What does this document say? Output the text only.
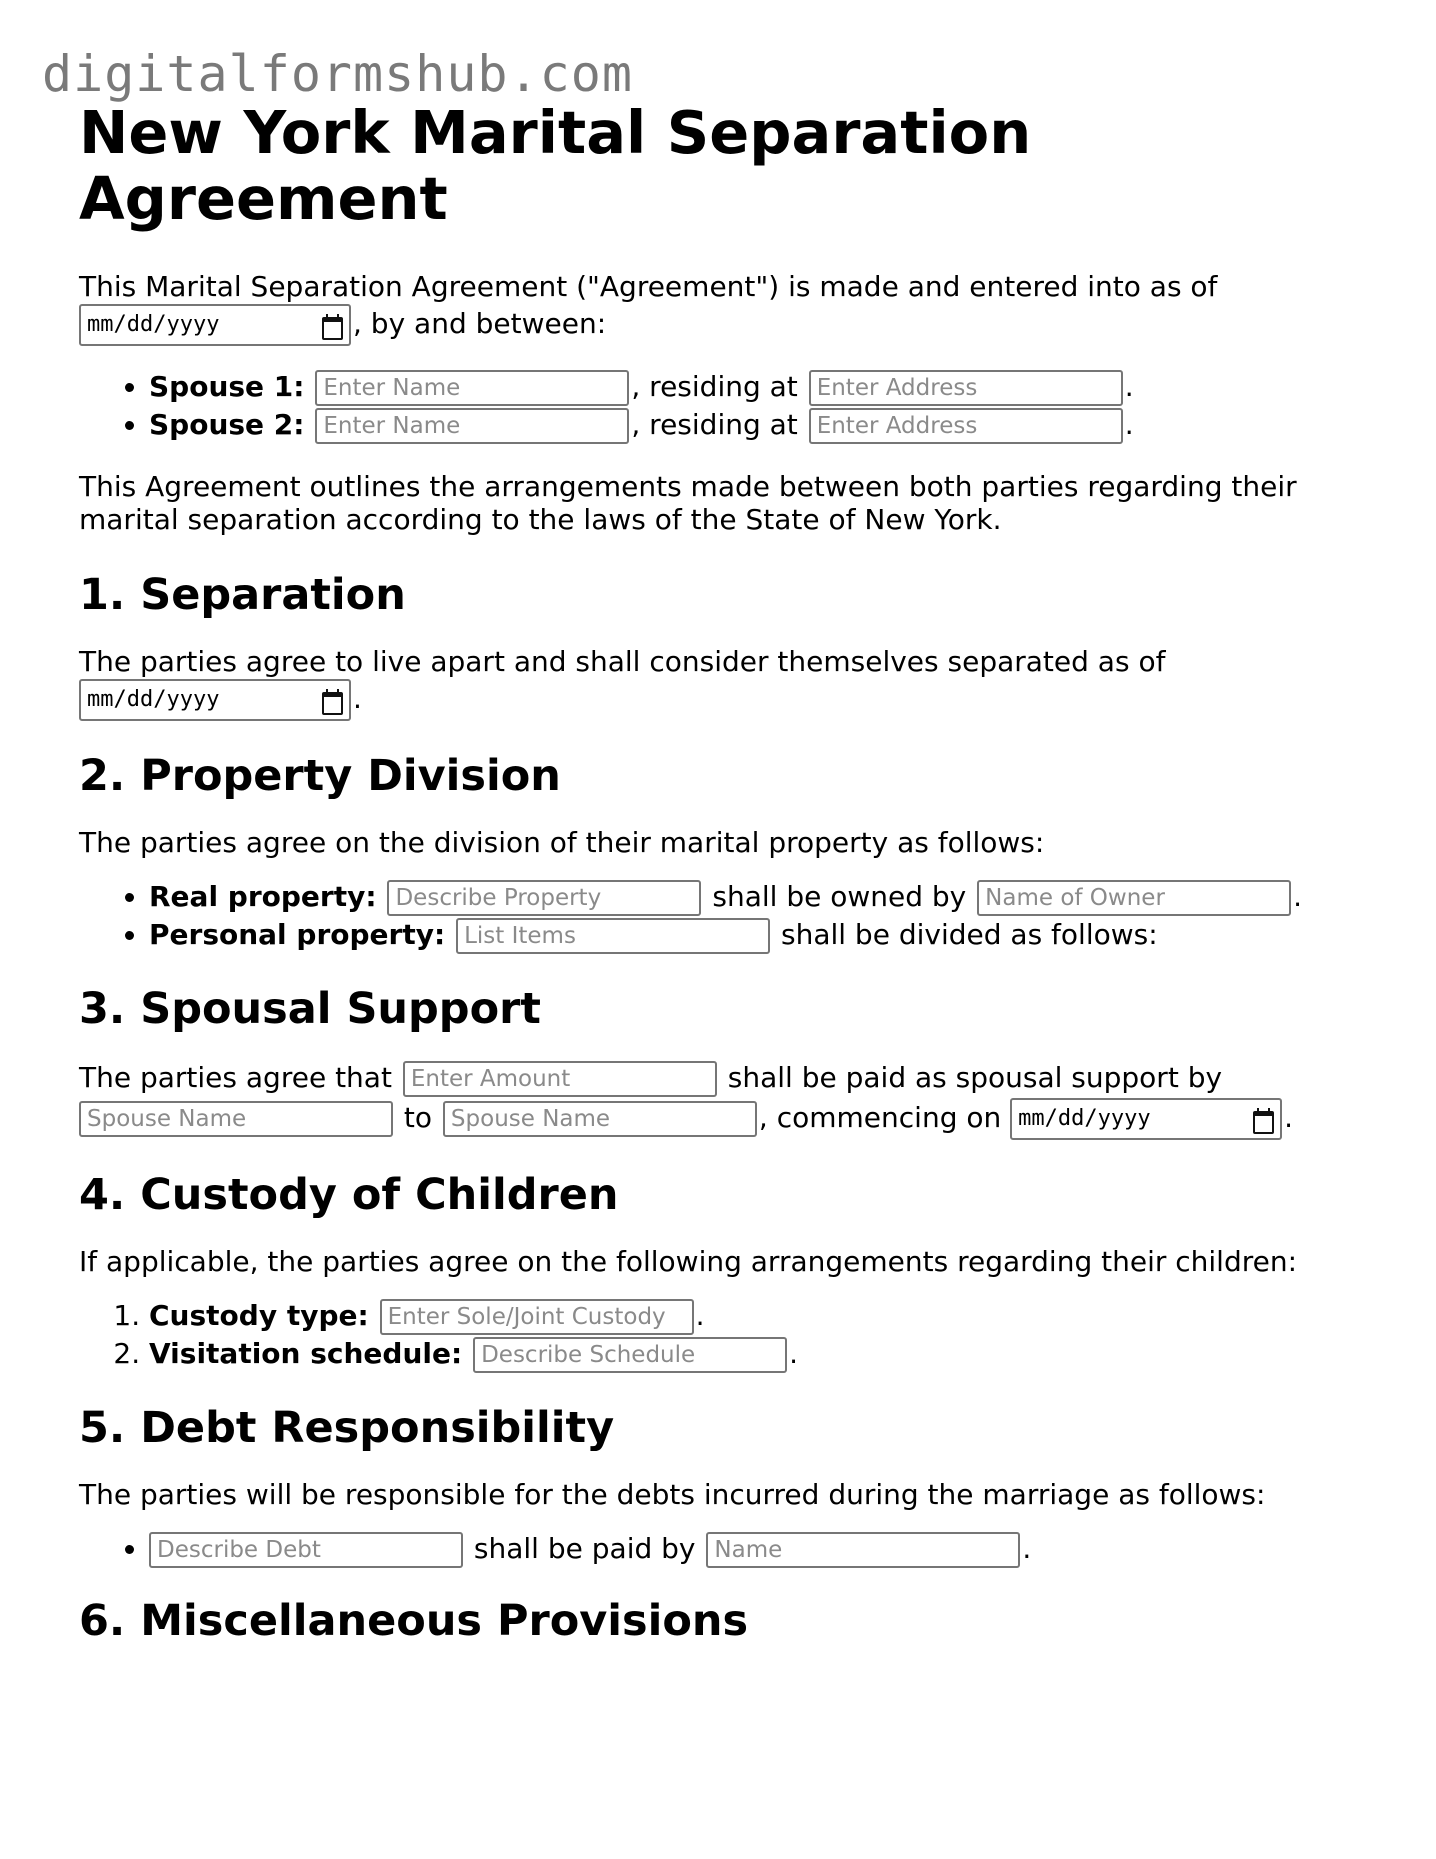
digitalformshub.com
New York Marital Separation Agreement

This Marital Separation Agreement ("Agreement") is made and entered into as of

mm/dd/yyyy	, by and between:

• Spouse 1: Enter Name	, residing at Enter Address	.
• Spouse 2: Enter Name	, residing at Enter Address	.

This Agreement outlines the arrangements made between both parties regarding their marital separation according to the laws of the State of New York.

1. Separation

The parties agree to live apart and shall consider themselves separated as of

mm/dd/yyyy	.

2. Property Division

The parties agree on the division of their marital property as follows:

• Real property: Describe Property	shall be owned by Name of Owner	.
• Personal property: List Items	shall be divided as follows:
3. Spousal Support

The parties agree that Enter Amount	shall be paid as spousal support by
Spouse Name to Spouse Name	, commencing on mm/dd/yyyy	.

4. Custody of Children

If applicable, the parties agree on the following arrangements regarding their children:

1. Custody type: Enter Sole/Joint Custody	.
2. Visitation schedule: Describe Schedule	.
5. Debt Responsibility

The parties will be responsible for the debts incurred during the marriage as follows:

Describe Debt • shall be paid by Name	.
6. Miscellaneous Provisions
